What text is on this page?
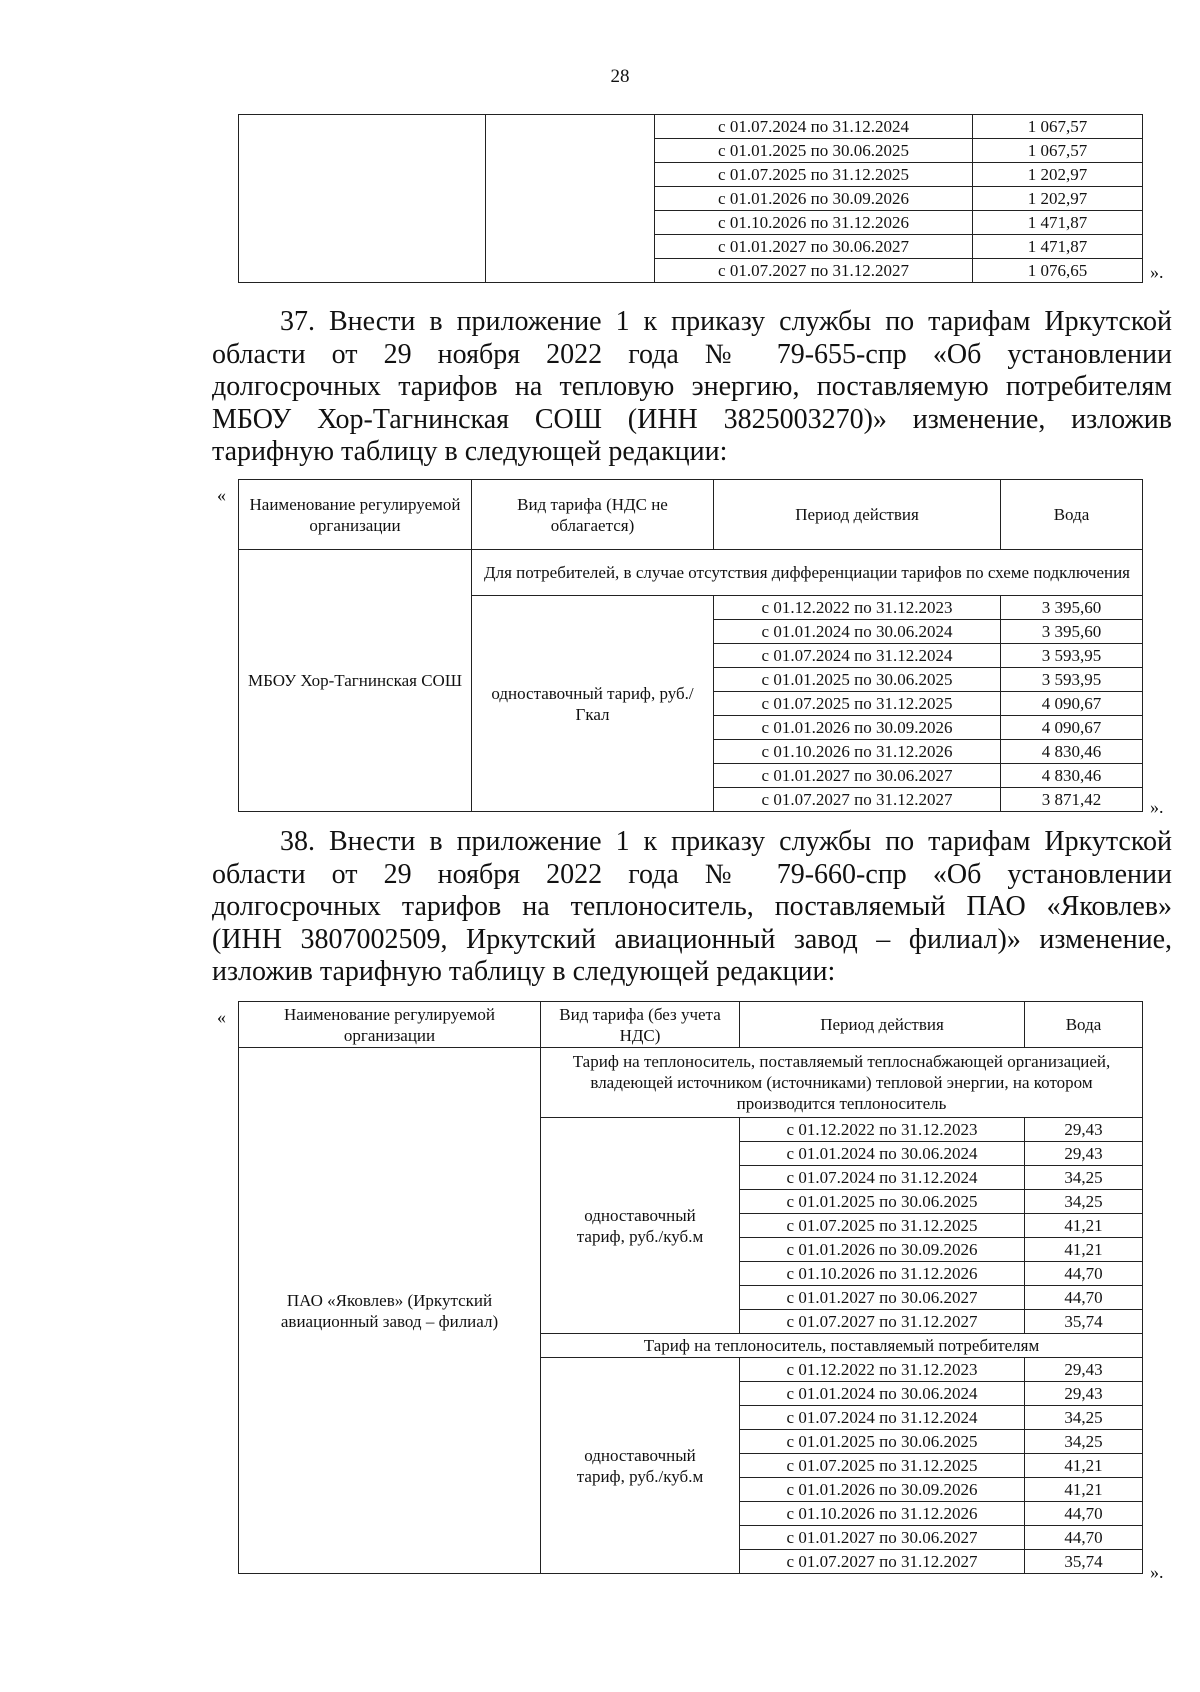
28
		с 01.07.2024 по 31.12.2024	1 067,57
		с 01.01.2025 по 30.06.2025	1 067,57
		с 01.07.2025 по 31.12.2025	1 202,97
		с 01.01.2026 по 30.09.2026	1 202,97
		с 01.10.2026 по 31.12.2026	1 471,87
		с 01.01.2027 по 30.06.2027	1 471,87
		с 01.07.2027 по 31.12.2027	1 076,65	».
37. Внести в приложение 1 к приказу службы по тарифам Иркутской
области от 29 ноября 2022 года № 79-655-спр «Об установлении
долгосрочных тарифов на тепловую энергию, поставляемую потребителям
МБОУ Хор-Тагнинская СОШ (ИНН 3825003270)» изменение, изложив
тарифную таблицу в следующей редакции:
« Наименование регулируемой организации	Вид тарифа (НДС не облагается)	Период действия	Вода
МБОУ Хор-Тагнинская СОШ	Для потребителей, в случае отсутствия дифференциации тарифов по схеме подключения		
	одноставочный тариф, руб./Гкал	с 01.12.2022 по 31.12.2023	3 395,60
		с 01.01.2024 по 30.06.2024	3 395,60
		с 01.07.2024 по 31.12.2024	3 593,95
		с 01.01.2025 по 30.06.2025	3 593,95
		с 01.07.2025 по 31.12.2025	4 090,67
		с 01.01.2026 по 30.09.2026	4 090,67
		с 01.10.2026 по 31.12.2026	4 830,46
		с 01.01.2027 по 30.06.2027	4 830,46
		с 01.07.2027 по 31.12.2027	3 871,42	».
38. Внести в приложение 1 к приказу службы по тарифам Иркутской
области от 29 ноября 2022 года № 79-660-спр «Об установлении
долгосрочных тарифов на теплоноситель, поставляемый ПАО «Яковлев»
(ИНН 3807002509, Иркутский авиационный завод – филиал)» изменение,
изложив тарифную таблицу в следующей редакции:
«	Наименование регулируемой организации	Вид тарифа (без учета НДС)	Период действия	Вода
ПАО «Яковлев» (Иркутский авиационный завод – филиал)	Тариф на теплоноситель, поставляемый теплоснабжающей организацией, владеющей источником (источниками) тепловой энергии, на котором производится теплоноситель		
	одноставочный тариф, руб./куб.м	с 01.12.2022 по 31.12.2023	29,43
		с 01.01.2024 по 30.06.2024	29,43
		с 01.07.2024 по 31.12.2024	34,25
		с 01.01.2025 по 30.06.2025	34,25
		с 01.07.2025 по 31.12.2025	41,21
		с 01.01.2026 по 30.09.2026	41,21
		с 01.10.2026 по 31.12.2026	44,70
		с 01.01.2027 по 30.06.2027	44,70
		с 01.07.2027 по 31.12.2027	35,74
	Тариф на теплоноситель, поставляемый потребителям		
	одноставочный тариф, руб./куб.м	с 01.12.2022 по 31.12.2023	29,43
		с 01.01.2024 по 30.06.2024	29,43
		с 01.07.2024 по 31.12.2024	34,25
		с 01.01.2025 по 30.06.2025	34,25
		с 01.07.2025 по 31.12.2025	41,21
		с 01.01.2026 по 30.09.2026	41,21
		с 01.10.2026 по 31.12.2026	44,70
		с 01.01.2027 по 30.06.2027	44,70
		с 01.07.2027 по 31.12.2027	35,74
».
